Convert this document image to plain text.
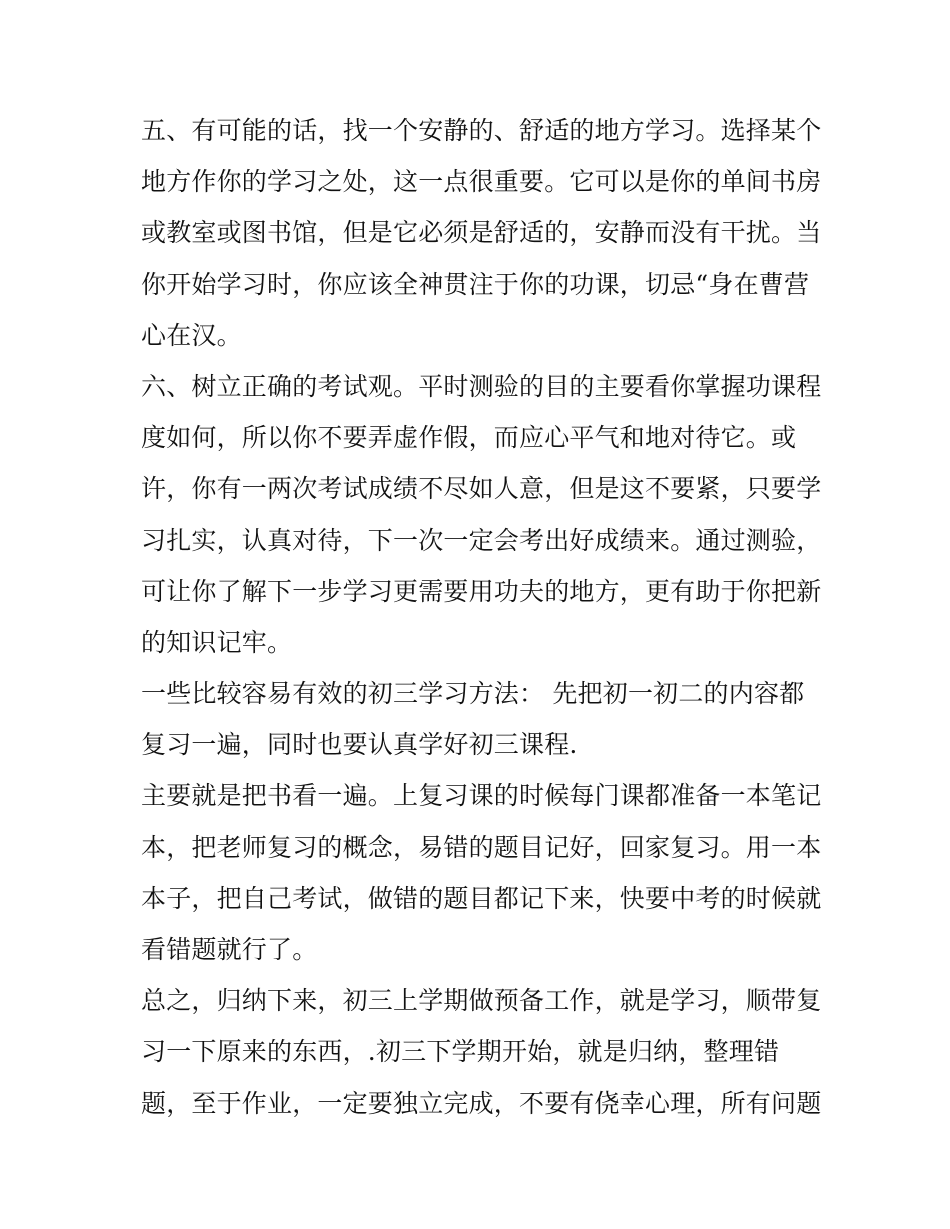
五、有可能的话，找一个安静的、舒适的地方学习。选择某个
地方作你的学习之处，这一点很重要。它可以是你的单间书房
或教室或图书馆，但是它必须是舒适的，安静而没有干扰。当
你开始学习时，你应该全神贯注于你的功课，切忌“身在曹营
心在汉。
六、树立正确的考试观。平时测验的目的主要看你掌握功课程
度如何，所以你不要弄虚作假，而应心平气和地对待它。或
许，你有一两次考试成绩不尽如人意，但是这不要紧，只要学
习扎实，认真对待，下一次一定会考出好成绩来。通过测验，
可让你了解下一步学习更需要用功夫的地方，更有助于你把新
的知识记牢。
一些比较容易有效的初三学习方法： 先把初一初二的内容都
复习一遍，同时也要认真学好初三课程.
主要就是把书看一遍。上复习课的时候每门课都准备一本笔记
本，把老师复习的概念，易错的题目记好，回家复习。用一本
本子，把自己考试，做错的题目都记下来，快要中考的时候就
看错题就行了。
总之，归纳下来，初三上学期做预备工作，就是学习，顺带复
习一下原来的东西，.初三下学期开始，就是归纳，整理错
题，至于作业，一定要独立完成，不要有侥幸心理，所有问题
